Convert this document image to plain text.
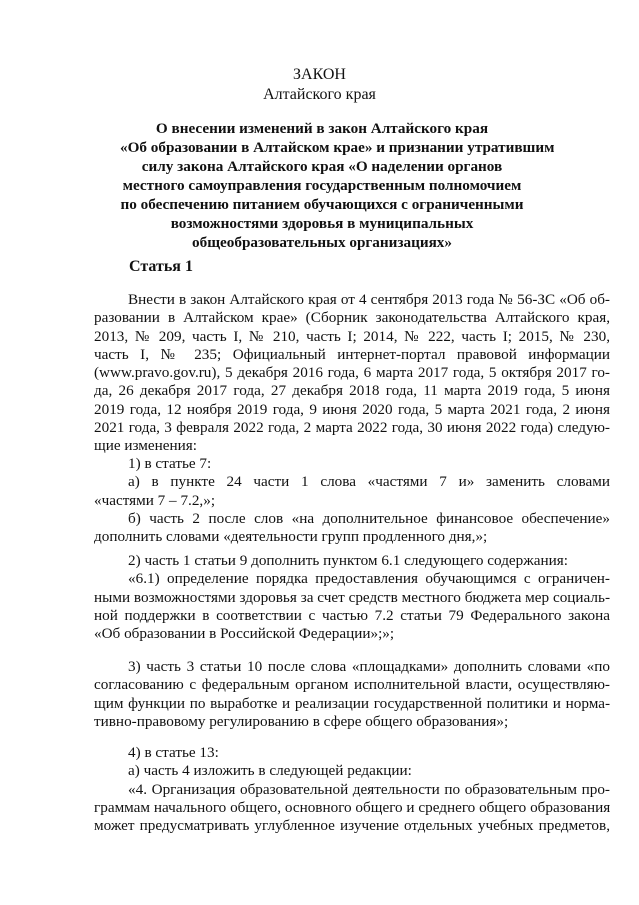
ЗАКОН
Алтайского края
О внесении изменений в закон Алтайского края
«Об образовании в Алтайском крае» и признании утратившим
силу закона Алтайского края «О наделении органов
местного самоуправления государственным полномочием
по обеспечению питанием обучающихся с ограниченными
возможностями здоровья в муниципальных
общеобразовательных организациях»
Статья 1
Внести в закон Алтайского края от 4 сентября 2013 года № 56-ЗС «Об об-
разовании в Алтайском крае» (Сборник законодательства Алтайского края,
2013, № 209, часть I, № 210, часть I; 2014, № 222, часть I; 2015, № 230,
часть I, № 235; Официальный интернет-портал правовой информации
(www.pravo.gov.ru), 5 декабря 2016 года, 6 марта 2017 года, 5 октября 2017 го-
да, 26 декабря 2017 года, 27 декабря 2018 года, 11 марта 2019 года, 5 июня
2019 года, 12 ноября 2019 года, 9 июня 2020 года, 5 марта 2021 года, 2 июня
2021 года, 3 февраля 2022 года, 2 марта 2022 года, 30 июня 2022 года) следую-
щие изменения:
1) в статье 7:
а) в пункте 24 части 1 слова «частями 7 и» заменить словами
«частями 7 – 7.2,»;
б) часть 2 после слов «на дополнительное финансовое обеспечение»
дополнить словами «деятельности групп продленного дня,»;
2) часть 1 статьи 9 дополнить пунктом 6.1 следующего содержания:
«6.1) определение порядка предоставления обучающимся с ограничен-
ными возможностями здоровья за счет средств местного бюджета мер социаль-
ной поддержки в соответствии с частью 7.2 статьи 79 Федерального закона
«Об образовании в Российской Федерации»;»;
3) часть 3 статьи 10 после слова «площадками» дополнить словами «по
согласованию с федеральным органом исполнительной власти, осуществляю-
щим функции по выработке и реализации государственной политики и норма-
тивно-правовому регулированию в сфере общего образования»;
4) в статье 13:
а) часть 4 изложить в следующей редакции:
«4. Организация образовательной деятельности по образовательным про-
граммам начального общего, основного общего и среднего общего образования
может предусматривать углубленное изучение отдельных учебных предметов,
